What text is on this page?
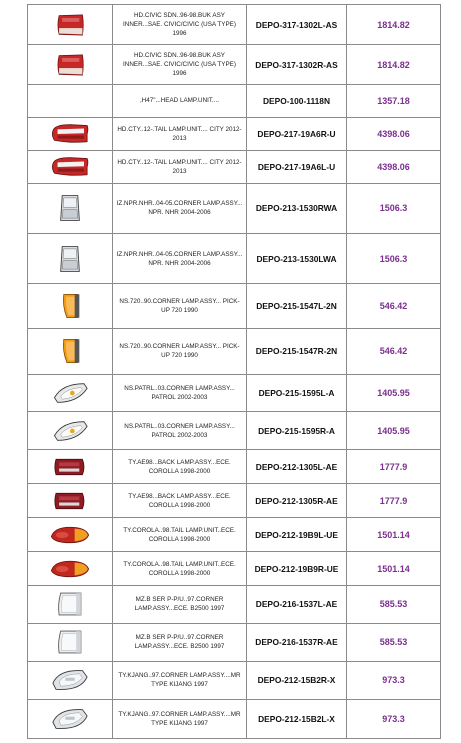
	HD.CIVIC SDN..96-98.BUK ASY INNER...SAE. CIVIC/CIVIC (USA TYPE) 1996	DEPO-317-1302L-AS	1814.82

	HD.CIVIC SDN..96-98.BUK ASY INNER...SAE. CIVIC/CIVIC (USA TYPE) 1996	DEPO-317-1302R-AS	1814.82
	,H47"...HEAD LAMP.UNIT....	DEPO-100-1118N	1357.18

	HD.CTY..12-.TAIL LAMP.UNIT.... CITY 2012-2013	DEPO-217-19A6R-U	4398.06

	HD.CTY..12-.TAIL LAMP.UNIT.... CITY 2012-2013	DEPO-217-19A6L-U	4398.06

	IZ.NPR.NHR..04-05.CORNER LAMP.ASSY... NPR. NHR 2004-2006	DEPO-213-1530RWA	1506.3

	IZ.NPR.NHR..04-05.CORNER LAMP.ASSY... NPR. NHR 2004-2006	DEPO-213-1530LWA	1506.3

	NS.720..90.CORNER LAMP.ASSY... PICK-UP 720 1990	DEPO-215-1547L-2N	546.42

	NS.720..90.CORNER LAMP.ASSY... PICK-UP 720 1990	DEPO-215-1547R-2N	546.42

	NS.PATRL..03.CORNER LAMP.ASSY... PATROL 2002-2003	DEPO-215-1595L-A	1405.95

	NS.PATRL..03.CORNER LAMP.ASSY... PATROL 2002-2003	DEPO-215-1595R-A	1405.95

	TY.AE98...BACK LAMP.ASSY...ECE. COROLLA 1998-2000	DEPO-212-1305L-AE	1777.9

	TY.AE98...BACK LAMP.ASSY...ECE. COROLLA 1998-2000	DEPO-212-1305R-AE	1777.9

	TY.COROLA..98.TAIL LAMP.UNIT..ECE. COROLLA 1998-2000	DEPO-212-19B9L-UE	1501.14

	TY.COROLA..98.TAIL LAMP.UNIT..ECE. COROLLA 1998-2000	DEPO-212-19B9R-UE	1501.14

	MZ.B SER P-P/U..97.CORNER LAMP.ASSY...ECE. B2500 1997	DEPO-216-1537L-AE	585.53

	MZ.B SER P-P/U..97.CORNER LAMP.ASSY...ECE. B2500 1997	DEPO-216-1537R-AE	585.53

	TY.KJANG..97.CORNER LAMP.ASSY....MR TYPE KIJANG 1997	DEPO-212-15B2R-X	973.3

	TY.KJANG..97.CORNER LAMP.ASSY....MR TYPE KIJANG 1997	DEPO-212-15B2L-X	973.3
